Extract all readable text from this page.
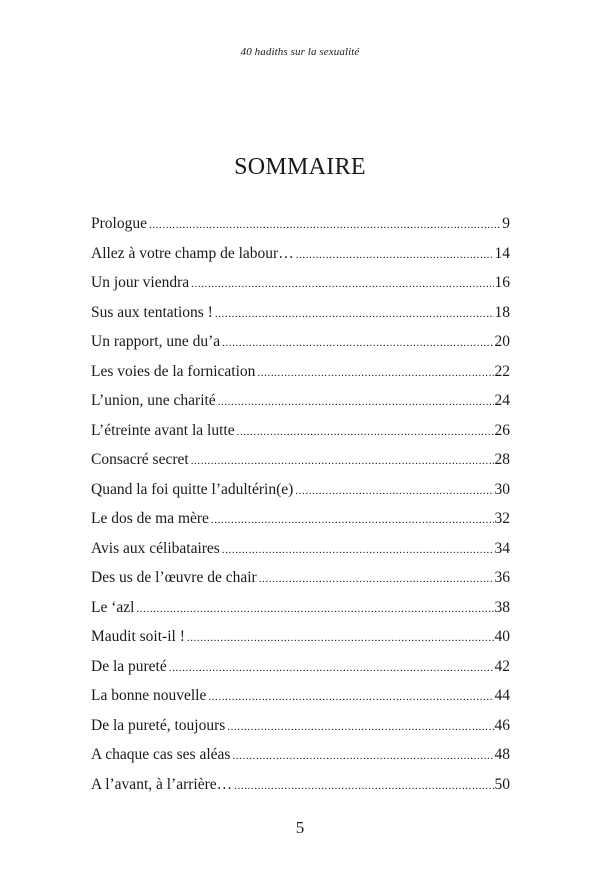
40 hadiths sur la sexualité
SOMMAIRE
Prologue .....	9
Allez à votre champ de labour… .....	14
Un jour viendra .....	16
Sus aux tentations ! .....	18
Un rapport, une du’a .....	20
Les voies de la fornication .....	22
L’union, une charité .....	24
L’étreinte avant la lutte .....	26
Consacré secret .....	28
Quand la foi quitte l’adultérin(e) .....	30
Le dos de ma mère .....	32
Avis aux célibataires .....	34
Des us de l’œuvre de chair .....	36
Le ‘azl .....	38
Maudit soit-il ! .....	40
De la pureté .....	42
La bonne nouvelle .....	44
De la pureté, toujours .....	46
A chaque cas ses aléas .....	48
A l’avant, à l’arrière… .....	50
5
